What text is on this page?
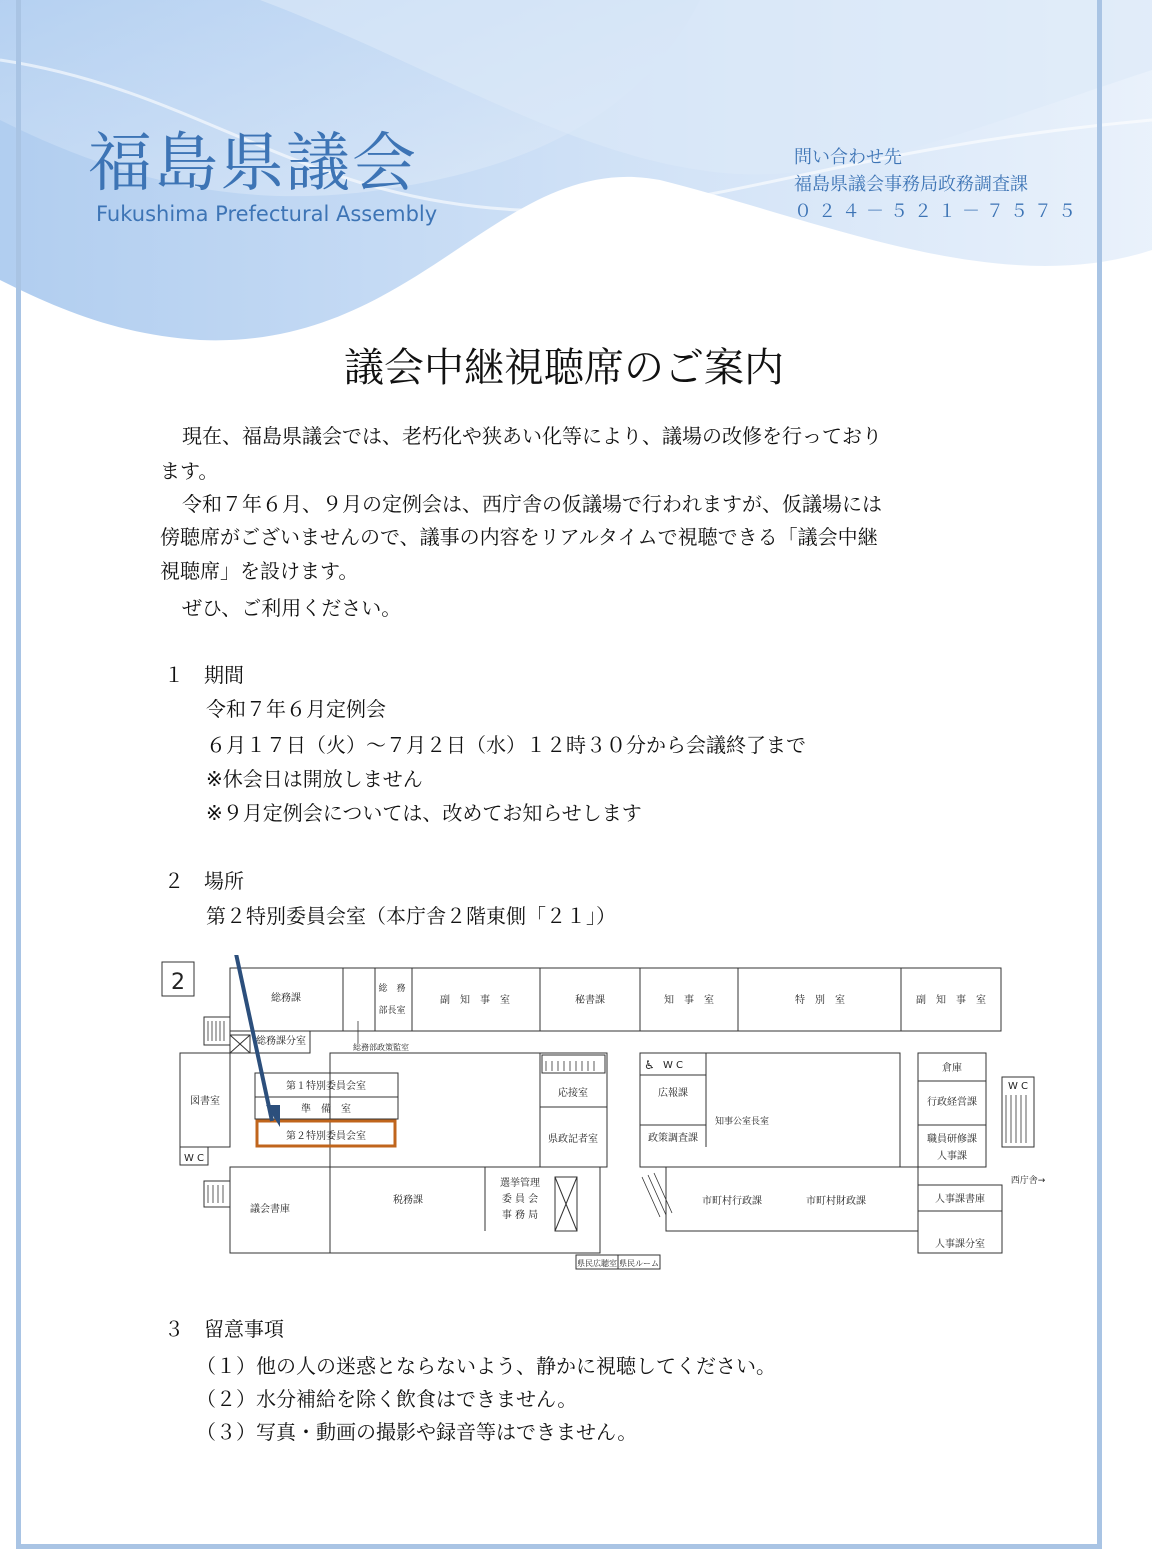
福島県議会
Fukushima Prefectural Assembly
問い合わせ先
福島県議会事務局政務調査課
０２４－５２１－７５７５
議会中継視聴席のご案内
現在、福島県議会では、老朽化や狭あい化等により、議場の改修を行っており
ます。
令和７年６月、９月の定例会は、西庁舎の仮議場で行われますが、仮議場には
傍聴席がございませんので、議事の内容をリアルタイムで視聴できる「議会中継
視聴席」を設けます。
ぜひ、ご利用ください。
１　期間
令和７年６月定例会
６月１７日（火）～７月２日（水）１２時３０分から会議終了まで
※休会日は開放しません
※９月定例会については、改めてお知らせします
２　場所
第２特別委員会室（本庁舎２階東側「２１」）
2
総務課
総　務
部長室
副　知　事　室	秘書課	知　事　室	特　別　室	副　知　事　室
総務課分室
総務部政策監室
図書室
W C
第１特別委員会室
準　備　室
第２特別委員会室
応接室
県政記者室
W C
広報課
政策調査課
知事公室長室
倉庫
行政経営課
職員研修課
人事課
W C
西庁舎→
議会書庫
税務課
選挙管理
委 員 会
事 務 局
市町村行政課	市町村財政課	人事課書庫
人事課分室
県民広聴室 県民ルーム
♿
３　留意事項
（１）他の人の迷惑とならないよう、静かに視聴してください。
（２）水分補給を除く飲食はできません。
（３）写真・動画の撮影や録音等はできません。
